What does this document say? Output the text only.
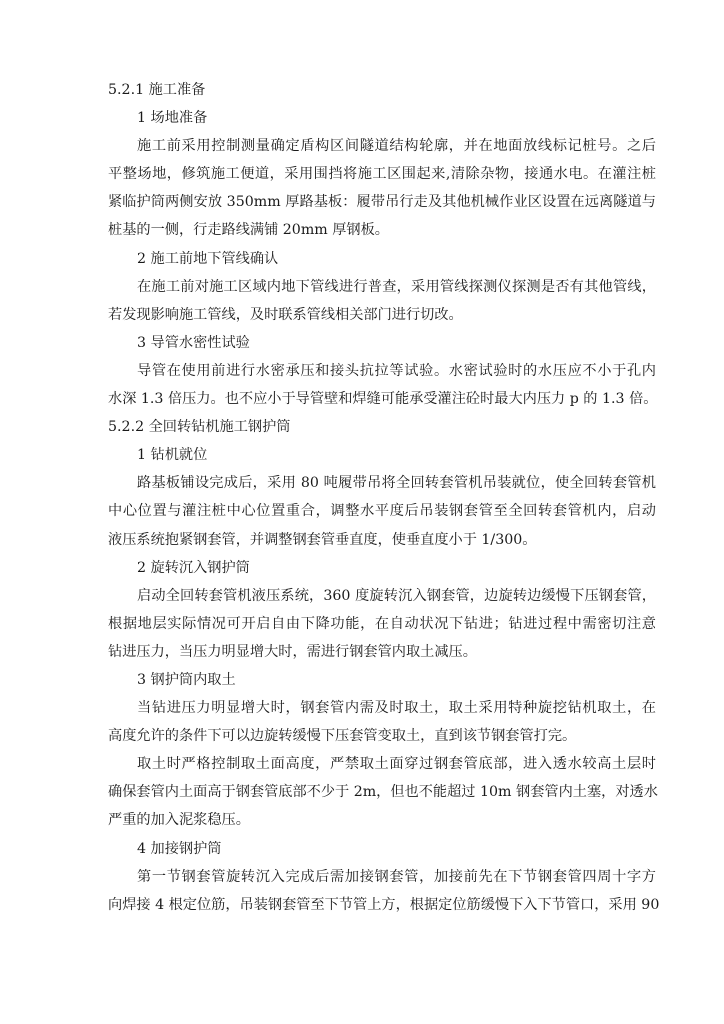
5.2.1 施工准备
1 场地准备
施工前采用控制测量确定盾构区间隧道结构轮廓，并在地面放线标记桩号。之后
平整场地，修筑施工便道，采用围挡将施工区围起来,清除杂物，接通水电。在灌注桩
紧临护筒两侧安放 350mm 厚路基板：履带吊行走及其他机械作业区设置在远离隧道与
桩基的一侧，行走路线满铺 20mm 厚钢板。
2 施工前地下管线确认
在施工前对施工区域内地下管线进行普查，采用管线探测仪探测是否有其他管线，
若发现影响施工管线，及时联系管线相关部门进行切改。
3 导管水密性试验
导管在使用前进行水密承压和接头抗拉等试验。水密试验时的水压应不小于孔内
水深 1.3 倍压力。也不应小于导管壁和焊缝可能承受灌注砼时最大内压力 p 的 1.3 倍。
5.2.2 全回转钻机施工钢护筒
1 钻机就位
路基板铺设完成后，采用 80 吨履带吊将全回转套管机吊装就位，使全回转套管机
中心位置与灌注桩中心位置重合，调整水平度后吊装钢套管至全回转套管机内，启动
液压系统抱紧钢套管，并调整钢套管垂直度，使垂直度小于 1/300。
2 旋转沉入钢护筒
启动全回转套管机液压系统，360 度旋转沉入钢套管，边旋转边缓慢下压钢套管，
根据地层实际情况可开启自由下降功能，在自动状况下钻进；钻进过程中需密切注意
钻进压力，当压力明显增大时，需进行钢套管内取土减压。
3 钢护筒内取土
当钻进压力明显增大时，钢套管内需及时取土，取土采用特种旋挖钻机取土，在
高度允许的条件下可以边旋转缓慢下压套管变取土，直到该节钢套管打完。
取土时严格控制取土面高度，严禁取土面穿过钢套管底部，进入透水较高土层时
确保套管内土面高于钢套管底部不少于 2m，但也不能超过 10m 钢套管内土塞，对透水
严重的加入泥浆稳压。
4 加接钢护筒
第一节钢套管旋转沉入完成后需加接钢套管，加接前先在下节钢套管四周十字方
向焊接 4 根定位筋，吊装钢套管至下节管上方，根据定位筋缓慢下入下节管口，采用 90
